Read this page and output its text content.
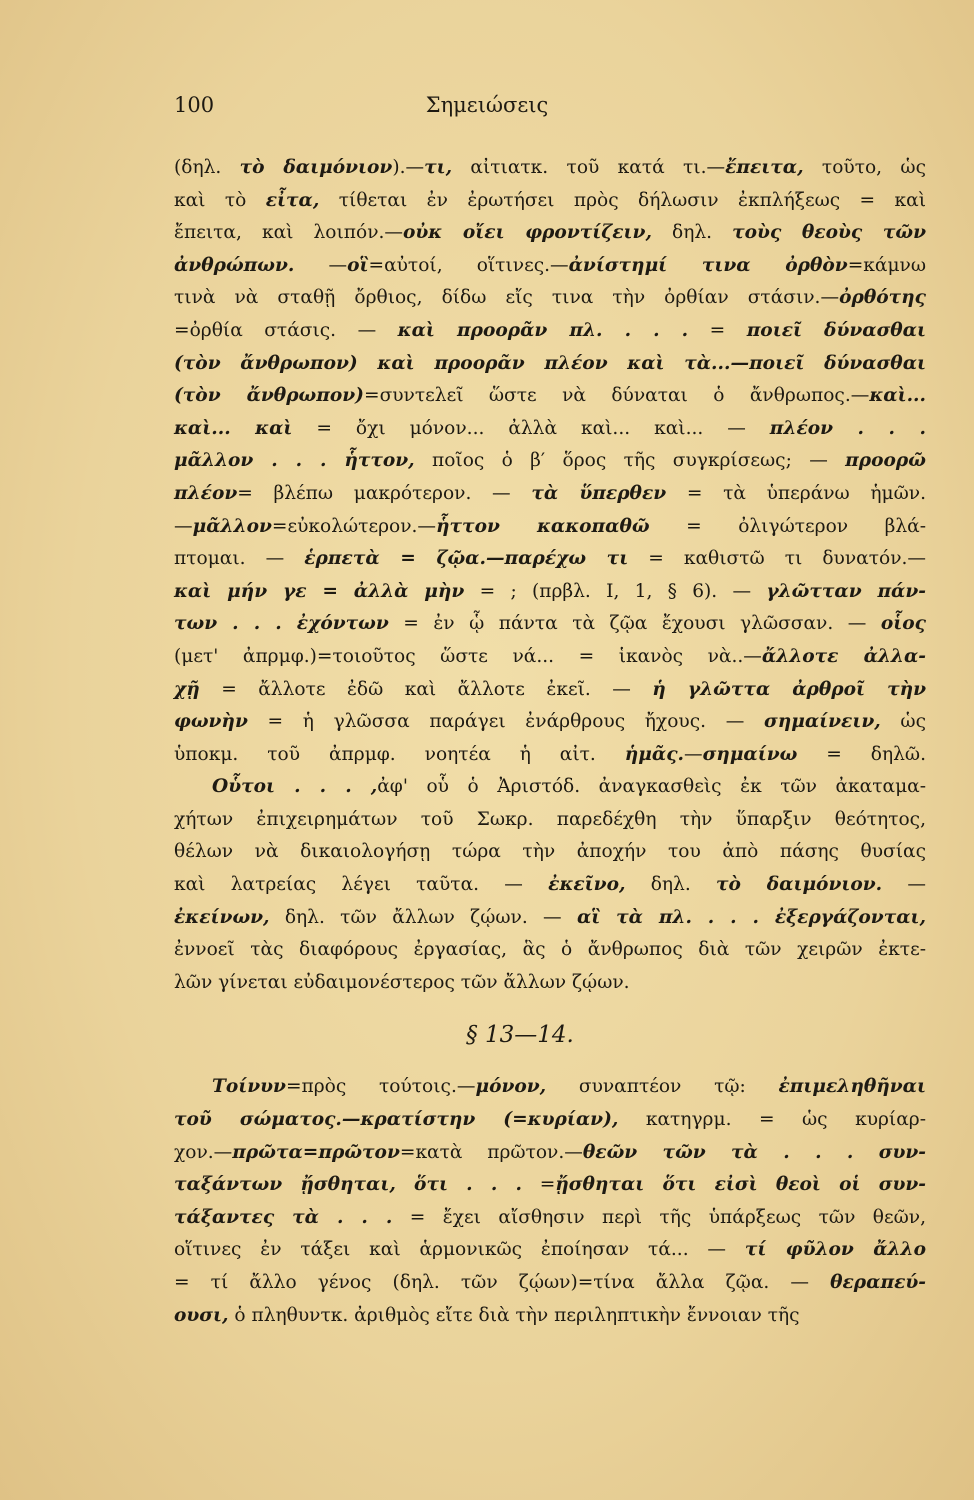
100	Σημειώσεις
(δηλ. τὸ δαιμόνιον).—τι, αἰτιατκ. τοῦ κατά τι.—ἔπειτα, τοῦτο, ὡς
καὶ τὸ εἶτα, τίθεται ἐν ἐρωτήσει πρὸς δήλωσιν ἐκπλήξεως = καὶ
ἔπειτα, καὶ λοιπόν.—οὐκ οἴει φροντίζειν, δηλ. τοὺς θεοὺς τῶν
ἀνθρώπων. —οἳ=αὐτοί, οἵτινες.—ἀνίστημί τινα ὀρθὸν=κάμνω
τινὰ νὰ σταθῇ ὄρθιος, δίδω εἴς τινα τὴν ὀρθίαν στάσιν.—ὀρθότης
=ὀρθία στάσις. — καὶ προορᾶν πλ. . . . = ποιεῖ δύνασθαι
(τὸν ἄνθρωπον) καὶ προορᾶν πλέον καὶ τὰ...—ποιεῖ δύνασθαι
(τὸν ἄνθρωπον)=συντελεῖ ὥστε νὰ δύναται ὁ ἄνθρωπος.—καὶ...
καὶ... καὶ = ὄχι μόνον... ἀλλὰ καὶ... καὶ... — πλέον . . .
μᾶλλον . . . ἧττον, ποῖος ὁ β′ ὅρος τῆς συγκρίσεως; — προορῶ
πλέον= βλέπω μακρότερον. — τὰ ὕπερθεν = τὰ ὑπεράνω ἡμῶν.
—μᾶλλον=εὐκολώτερον.—ἧττον κακοπαθῶ = ὀλιγώτερον βλά-
πτομαι. — ἑρπετὰ = ζῷα.—παρέχω τι = καθιστῶ τι δυνατόν.—
καὶ μήν γε = ἀλλὰ μὴν = ; (πρβλ. I, 1, § 6). — γλῶτταν πάν-
των . . . ἐχόντων = ἐν ᾧ πάντα τὰ ζῷα ἔχουσι γλῶσσαν. — οἷος
(μετ' ἀπρμφ.)=τοιοῦτος ὥστε νά... = ἱκανὸς νὰ..—ἄλλοτε ἀλλα-
χῇ = ἄλλοτε ἐδῶ καὶ ἄλλοτε ἐκεῖ. — ἡ γλῶττα ἀρθροῖ τὴν
φωνὴν = ἡ γλῶσσα παράγει ἐνάρθρους ἤχους. — σημαίνειν, ὡς
ὑποκμ. τοῦ ἀπρμφ. νοητέα ἡ αἰτ. ἡμᾶς.—σημαίνω = δηλῶ.
Οὗτοι . . . ,ἀφ' οὗ ὁ Ἀριστόδ. ἀναγκασθεὶς ἐκ τῶν ἀκαταμα-
χήτων ἐπιχειρημάτων τοῦ Σωκρ. παρεδέχθη τὴν ὕπαρξιν θεότητος,
θέλων νὰ δικαιολογήσῃ τώρα τὴν ἀποχήν του ἀπὸ πάσης θυσίας
καὶ λατρείας λέγει ταῦτα. — ἐκεῖνο, δηλ. τὸ δαιμόνιον. —
ἐκείνων, δηλ. τῶν ἄλλων ζῴων. — αἳ τὰ πλ. . . . ἐξεργάζονται,
ἐννοεῖ τὰς διαφόρους ἐργασίας, ἃς ὁ ἄνθρωπος διὰ τῶν χειρῶν ἐκτε-
λῶν γίνεται εὐδαιμονέστερος τῶν ἄλλων ζῴων.
§ 13—14.
Τοίνυν=πρὸς τούτοις.—μόνον, συναπτέον τῷ: ἐπιμεληθῆναι
τοῦ σώματος.—κρατίστην (=κυρίαν), κατηγρμ. = ὡς κυρίαρ-
χον.—πρῶτα=πρῶτον=κατὰ πρῶτον.—θεῶν τῶν τὰ . . . συν-
ταξάντων ᾔσθηται, ὅτι . . . =ᾔσθηται ὅτι εἰσὶ θεοὶ οἱ συν-
τάξαντες τὰ . . . = ἔχει αἴσθησιν περὶ τῆς ὑπάρξεως τῶν θεῶν,
οἵτινες ἐν τάξει καὶ ἁρμονικῶς ἐποίησαν τά... — τί φῦλον ἄλλο
= τί ἄλλο γένος (δηλ. τῶν ζῴων)=τίνα ἄλλα ζῷα. — θεραπεύ-
ουσι, ὁ πληθυντκ. ἀριθμὸς εἴτε διὰ τὴν περιληπτικὴν ἔννοιαν τῆς
